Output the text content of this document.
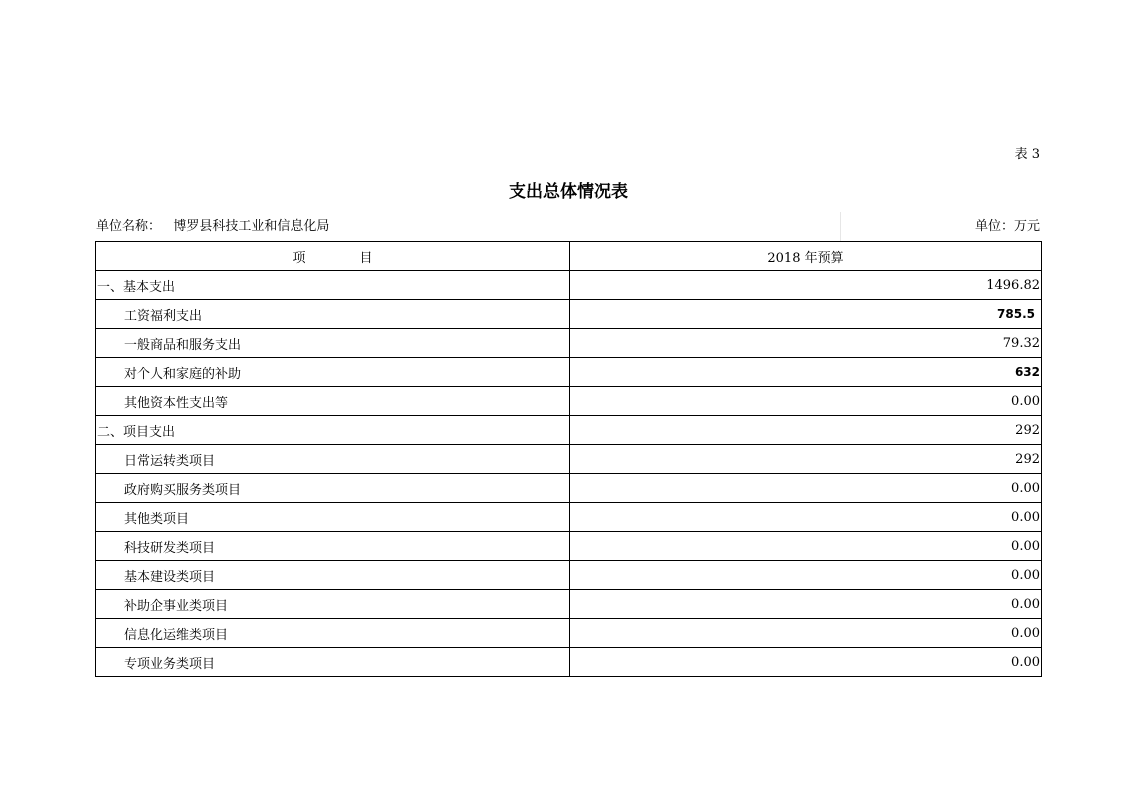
表 3
支出总体情况表
单位名称： 博罗县科技工业和信息化局	单位：万元
项 目	2018 年预算
一、基本支出	1496.82
工资福利支出	785.5
一般商品和服务支出	79.32
对个人和家庭的补助	632
其他资本性支出等	0.00
二、项目支出	292
日常运转类项目	292
政府购买服务类项目	0.00
其他类项目	0.00
科技研发类项目	0.00
基本建设类项目	0.00
补助企事业类项目	0.00
信息化运维类项目	0.00
专项业务类项目	0.00
